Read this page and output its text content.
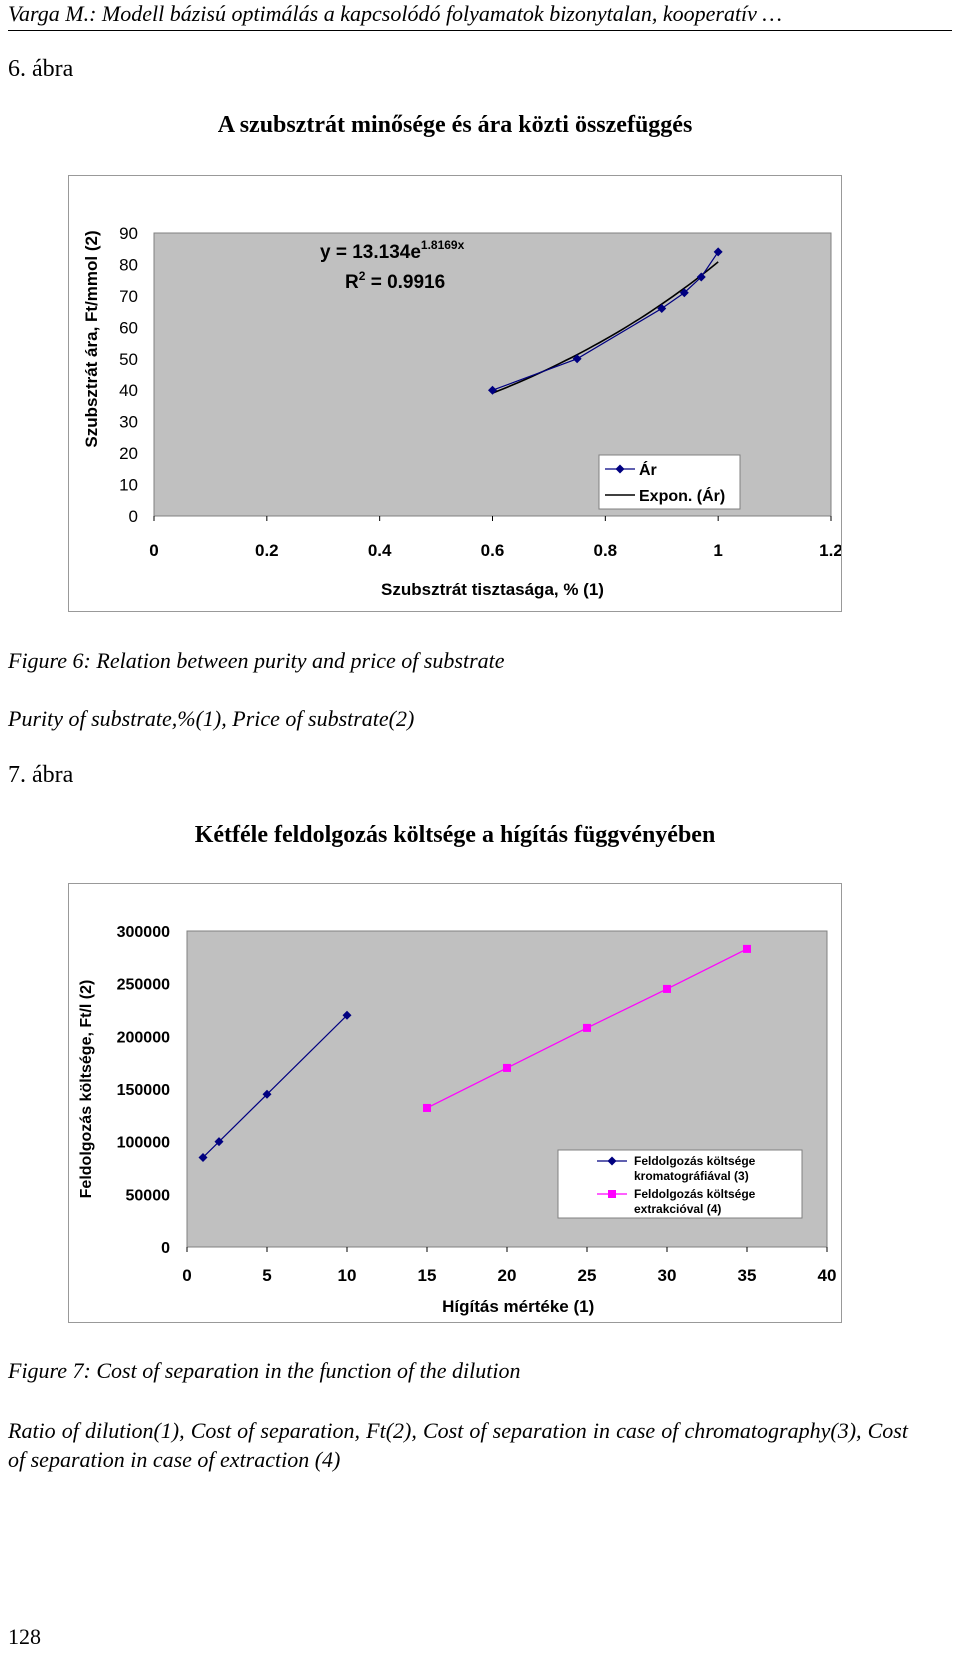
Varga M.: Modell bázisú optimálás a kapcsolódó folyamatok bizonytalan, kooperatív …
6. ábra
A szubsztrát minősége és ára közti összefüggés
0
10
20
30
40
50
60
70
80
90
0	0.2	0.4	0.6	0.8	1	1.2
Szubsztrát tisztasága, % (1)
Szubsztrát ára, Ft/mmol (2)	$y = 13.134e^{1.8169x}$
$R^2 = 0.9916$
Ár
Expon. (Ár)
Figure 6: Relation between purity and price of substrate
Purity of substrate,%(1), Price of substrate(2)
7. ábra
Kétféle feldolgozás költsége a hígítás függvényében
0
50000
100000
150000
200000
250000
300000
0	5	10	15	20	25	30	35	40
Hígítás mértéke (1)
Feldolgozás költsége, Ft/l (2)	Feldolgozás költsége
kromatográfiával (3)
Feldolgozás költsége
extrakcióval (4)
Figure 7: Cost of separation in the function of the dilution
Ratio of dilution(1), Cost of separation, Ft(2), Cost of separation in case of chromatography(3), Cost of separation in case of extraction (4)
128
